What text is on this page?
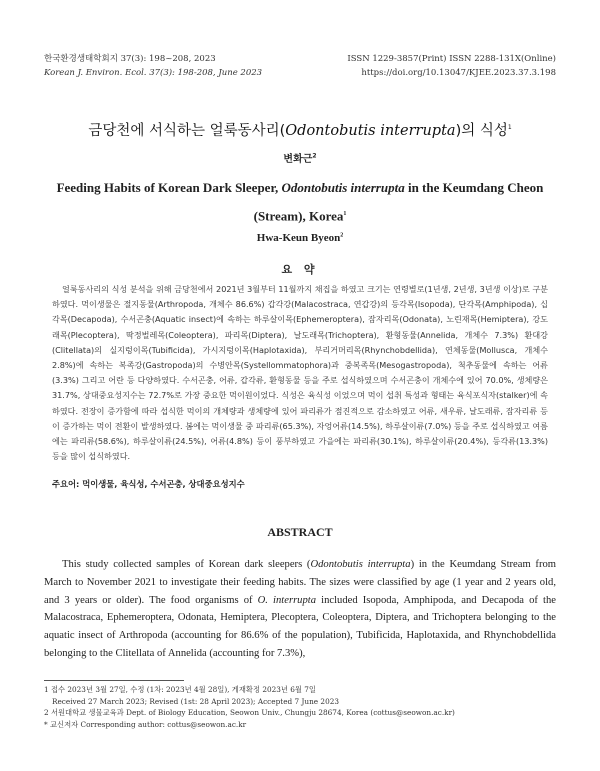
한국환경생태학회지 37(3): 198~208, 2023
Korean J. Environ. Ecol. 37(3): 198-208, June 2023
ISSN 1229-3857(Print) ISSN 2288-131X(Online)
https://doi.org/10.13047/KJEE.2023.37.3.198
금당천에 서식하는 얼룩동사리(Odontobutis interrupta)의 식성$^1$
변화근$^2$
Feeding Habits of Korean Dark Sleeper, Odontobutis interrupta in the Keumdang Cheon (Stream), Korea$^1$
Hwa-Keun Byeon$^2$
요 약
얼룩동사리의 식성 분석을 위해 금당천에서 2021년 3월부터 11월까지 채집을 하였고 크기는 연령별로(1년생, 2년생, 3년생 이상)로 구분하였다. 먹이생물은 절지동물(Arthropoda, 개체수 86.6%) 갑각강(Malacostraca, 연갑강)의 등각목(Isopoda), 단각목(Amphipoda), 십각목(Decapoda), 수서곤충(Aquatic insect)에 속하는 하루살이목(Ephemeroptera), 잠자리목(Odonata), 노린재목(Hemiptera), 강도래목(Plecoptera), 딱정벌레목(Coleoptera), 파리목(Diptera), 날도래목(Trichoptera), 환형동물(Annelida, 개체수 7.3%) 환대강(Clitellata)의 실지렁이목(Tubificida), 가시지렁이목(Haplotaxida), 부리거머리목(Rhynchobdellida), 연체동물(Mollusca, 개체수 2.8%)에 속하는 복족강(Gastropoda)의 수병안목(Systellommatophora)과 중복족목(Mesogastropoda), 척추동물에 속하는 어류(3.3%) 그리고 어란 등 다양하였다. 수서곤충, 어류, 갑각류, 환형동물 등을 주로 섭식하였으며 수서곤충이 개체수에 있어 70.0%, 생체량은 31.7%, 상대중요성지수는 72.7%로 가장 중요한 먹이원이었다. 식성은 육식성 이었으며 먹이 섭취 특성과 형태는 육식포식자(stalker)에 속하였다. 전장이 증가함에 따라 섭식한 먹이의 개체량과 생체량에 있어 파리류가 점진적으로 감소하였고 어류, 새우류, 날도래류, 잠자리류 등이 증가하는 먹이 전환이 발생하였다. 봄에는 먹이생물 중 파리류(65.3%), 자엉어류(14.5%), 하루살이류(7.0%) 등을 주로 섭식하였고 여름에는 파리류(58.6%), 하루살이류(24.5%), 어류(4.8%) 등이 풍부하였고 가을에는 파리류(30.1%), 하루살이류(20.4%), 등각류(13.3%) 등을 많이 섭식하였다.
주요어: 먹이생물, 육식성, 수서곤충, 상대중요성지수
ABSTRACT
This study collected samples of Korean dark sleepers (Odontobutis interrupta) in the Keumdang Stream from March to November 2021 to investigate their feeding habits. The sizes were classified by age (1 year and 2 years old, and 3 years or older). The food organisms of O. interrupta included Isopoda, Amphipoda, and Decapoda of the Malacostraca, Ephemeroptera, Odonata, Hemiptera, Plecoptera, Coleoptera, Diptera, and Trichoptera belonging to the aquatic insect of Arthropoda (accounting for 86.6% of the population), Tubificida, Haplotaxida, and Rhynchobdellida belonging to the Clitellata of Annelida (accounting for 7.3%),
1 접수 2023년 3월 27일, 수정 (1차: 2023년 4월 28일), 게재확정 2023년 6월 7일
Received 27 March 2023; Revised (1st: 28 April 2023); Accepted 7 June 2023
2 서원대학교 생물교육과 Dept. of Biology Education, Seowon Univ., Chungju 28674, Korea (cottus@seowon.ac.kr)
* 교신저자 Corresponding author: cottus@seowon.ac.kr
